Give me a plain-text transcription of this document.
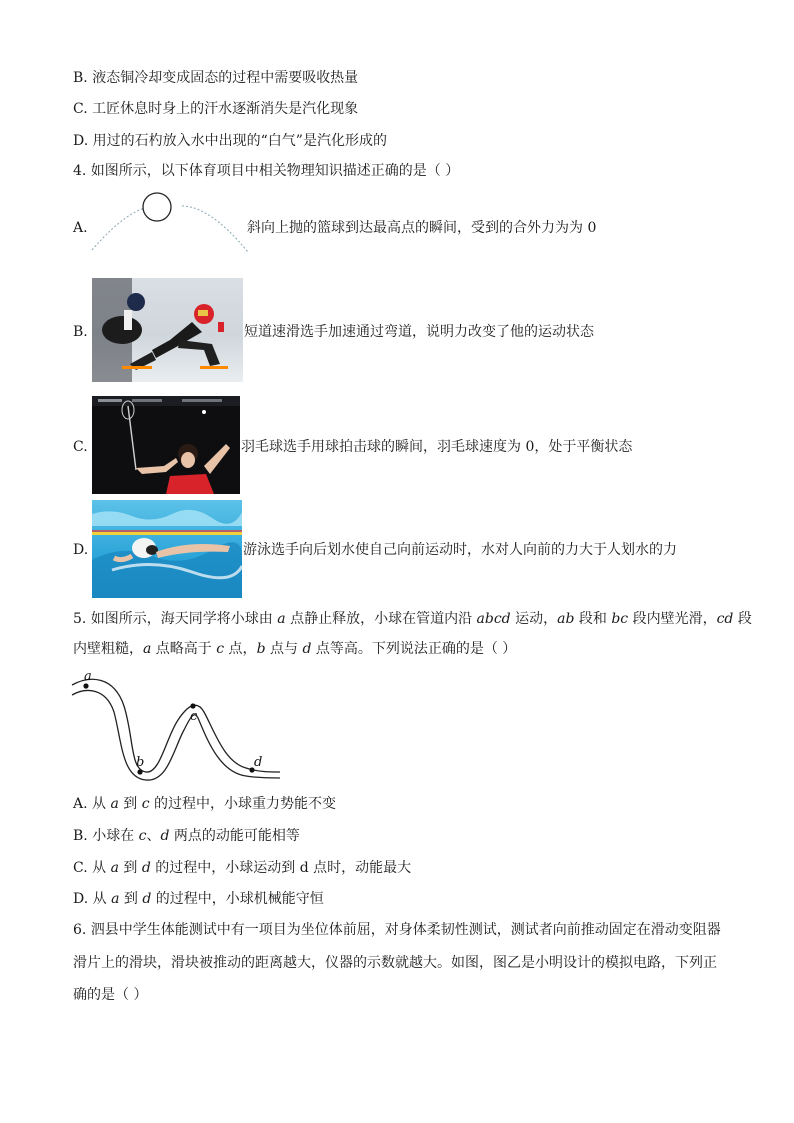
B. 液态铜冷却变成固态的过程中需要吸收热量
C. 工匠休息时身上的汗水逐渐消失是汽化现象
D. 用过的石杓放入水中出现的“白气”是汽化形成的
4. 如图所示，以下体育项目中相关物理知识描述正确的是（ ）
A.	斜向上抛的篮球到达最高点的瞬间，受到的合外力为为 0
B.	短道速滑选手加速通过弯道，说明力改变了他的运动状态
C.	羽毛球选手用球拍击球的瞬间，羽毛球速度为 0，处于平衡状态
D.	游泳选手向后划水使自己向前运动时，水对人向前的力大于人划水的力
5. 如图所示，海天同学将小球由 a 点静止释放，小球在管道内沿 abcd 运动，ab 段和 bc 段内壁光滑，cd 段
内壁粗糙，a 点略高于 c 点，b 点与 d 点等高。下列说法正确的是（ ）
a
b
c
d
A. 从 a 到 c 的过程中，小球重力势能不变
B. 小球在 c、d 两点的动能可能相等
C. 从 a 到 d 的过程中，小球运动到 d 点时，动能最大
D. 从 a 到 d 的过程中，小球机械能守恒
6. 泗县中学生体能测试中有一项目为坐位体前屈，对身体柔韧性测试，测试者向前推动固定在滑动变阻器
滑片上的滑块，滑块被推动的距离越大，仪器的示数就越大。如图，图乙是小明设计的模拟电路，下列正
确的是（ ）
